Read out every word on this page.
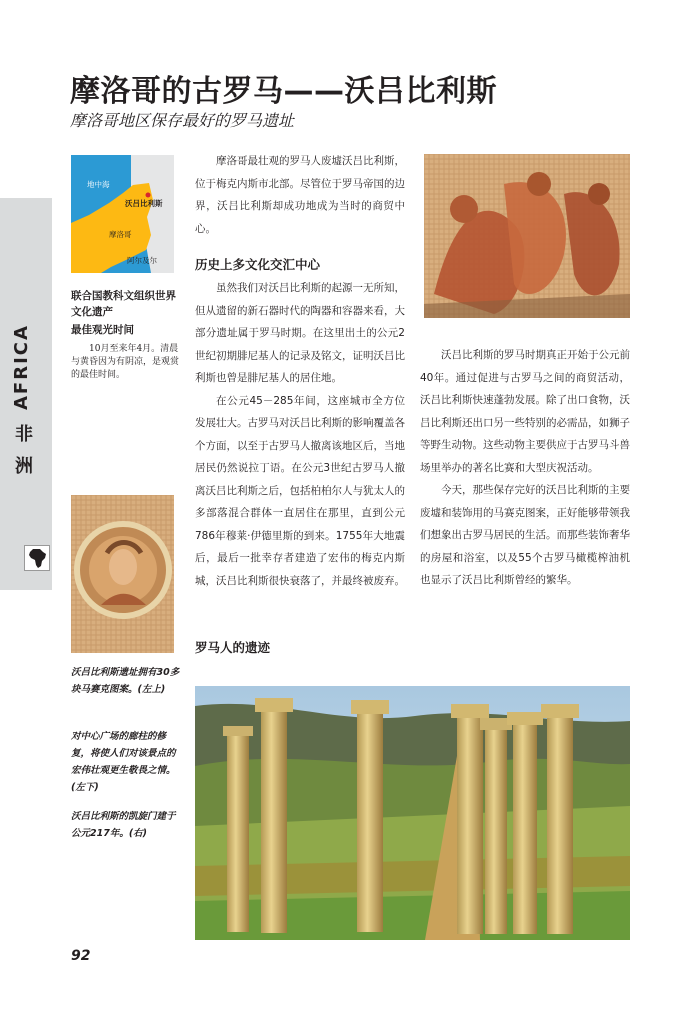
摩洛哥的古罗马——沃吕比利斯
摩洛哥地区保存最好的罗马遗址
AFRICA
非
洲
地中海
沃吕比利斯
摩洛哥
阿尔及尔
联合国教科文组织世界文化遗产
最佳观光时间
10月至来年4月。清晨与黄昏因为有阴凉，是观赏的最佳时间。
沃吕比利斯遗址拥有30多块马赛克图案。(左上)
对中心广场的廊柱的修复，将使人们对该景点的宏伟壮观更生敬畏之情。(左下)
沃吕比利斯的凯旋门建于公元217年。(右)

摩洛哥最壮观的罗马人废墟沃吕比利斯，位于梅克内斯市北部。尽管位于罗马帝国的边界，沃吕比利斯却成功地成为当时的商贸中心。

历史上多文化交汇中心

虽然我们对沃吕比利斯的起源一无所知，但从遗留的新石器时代的陶器和容器来看，大部分遗址属于罗马时期。在这里出土的公元2世纪初期腓尼基人的记录及铭文，证明沃吕比利斯也曾是腓尼基人的居住地。

在公元45－285年间，这座城市全方位发展壮大。古罗马对沃吕比利斯的影响覆盖各个方面，以至于古罗马人撤离该地区后，当地居民仍然说拉丁语。在公元3世纪古罗马人撤离沃吕比利斯之后，包括柏柏尔人与犹太人的多部落混合群体一直居住在那里，直到公元786年穆莱·伊德里斯的到来。1755年大地震后，最后一批幸存者建造了宏伟的梅克内斯城，沃吕比利斯很快衰落了，并最终被废弃。

罗马人的遗迹

沃吕比利斯的罗马时期真正开始于公元前40年。通过促进与古罗马之间的商贸活动，沃吕比利斯快速蓬勃发展。除了出口食物，沃吕比利斯还出口另一些特别的必需品，如狮子等野生动物。这些动物主要供应于古罗马斗兽场里举办的著名比赛和大型庆祝活动。

今天，那些保存完好的沃吕比利斯的主要废墟和装饰用的马赛克图案，正好能够带领我们想象出古罗马居民的生活。而那些装饰奢华的房屋和浴室，以及55个古罗马橄榄榨油机也显示了沃吕比利斯曾经的繁华。

92
